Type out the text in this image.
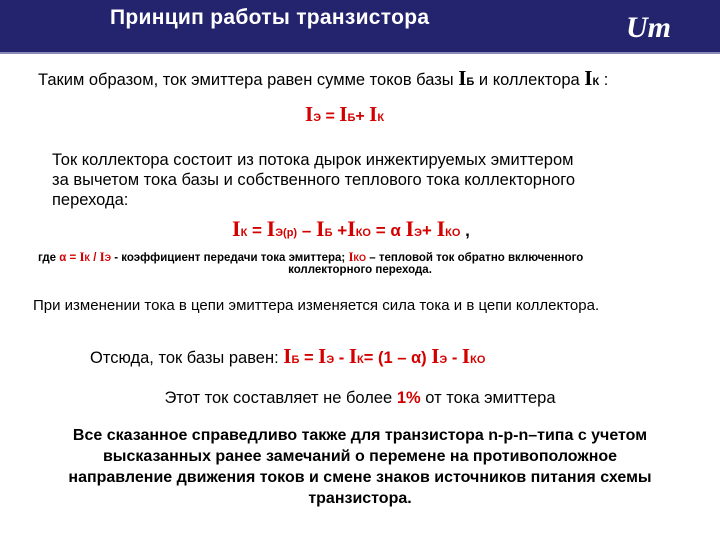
Принцип работы транзистора	Um
Таким образом, ток эмиттера равен сумме токов базы IБ и коллектора IК :
IЭ = IБ+ IК
Ток коллектора состоит из потока дырок инжектируемых эмиттером
за вычетом тока базы и собственного теплового тока коллекторного
перехода:
IК = IЭ(р) – IБ +IКО = α IЭ+ IКО ,
где α = IК / IЭ - коэффициент передачи тока эмиттера; IКО – тепловой ток обратно включенного
коллекторного перехода.
При изменении тока в цепи эмиттера изменяется сила тока и в цепи коллектора.
Отсюда, ток базы равен: IБ = IЭ - IК= (1 – α) IЭ - IКО
Этот ток составляет не более 1% от тока эмиттера
Все сказанное справедливо также для транзистора n-p-n–типа с учетом
высказанных ранее замечаний о перемене на противоположное
направление движения токов и смене знаков источников питания схемы
транзистора.
